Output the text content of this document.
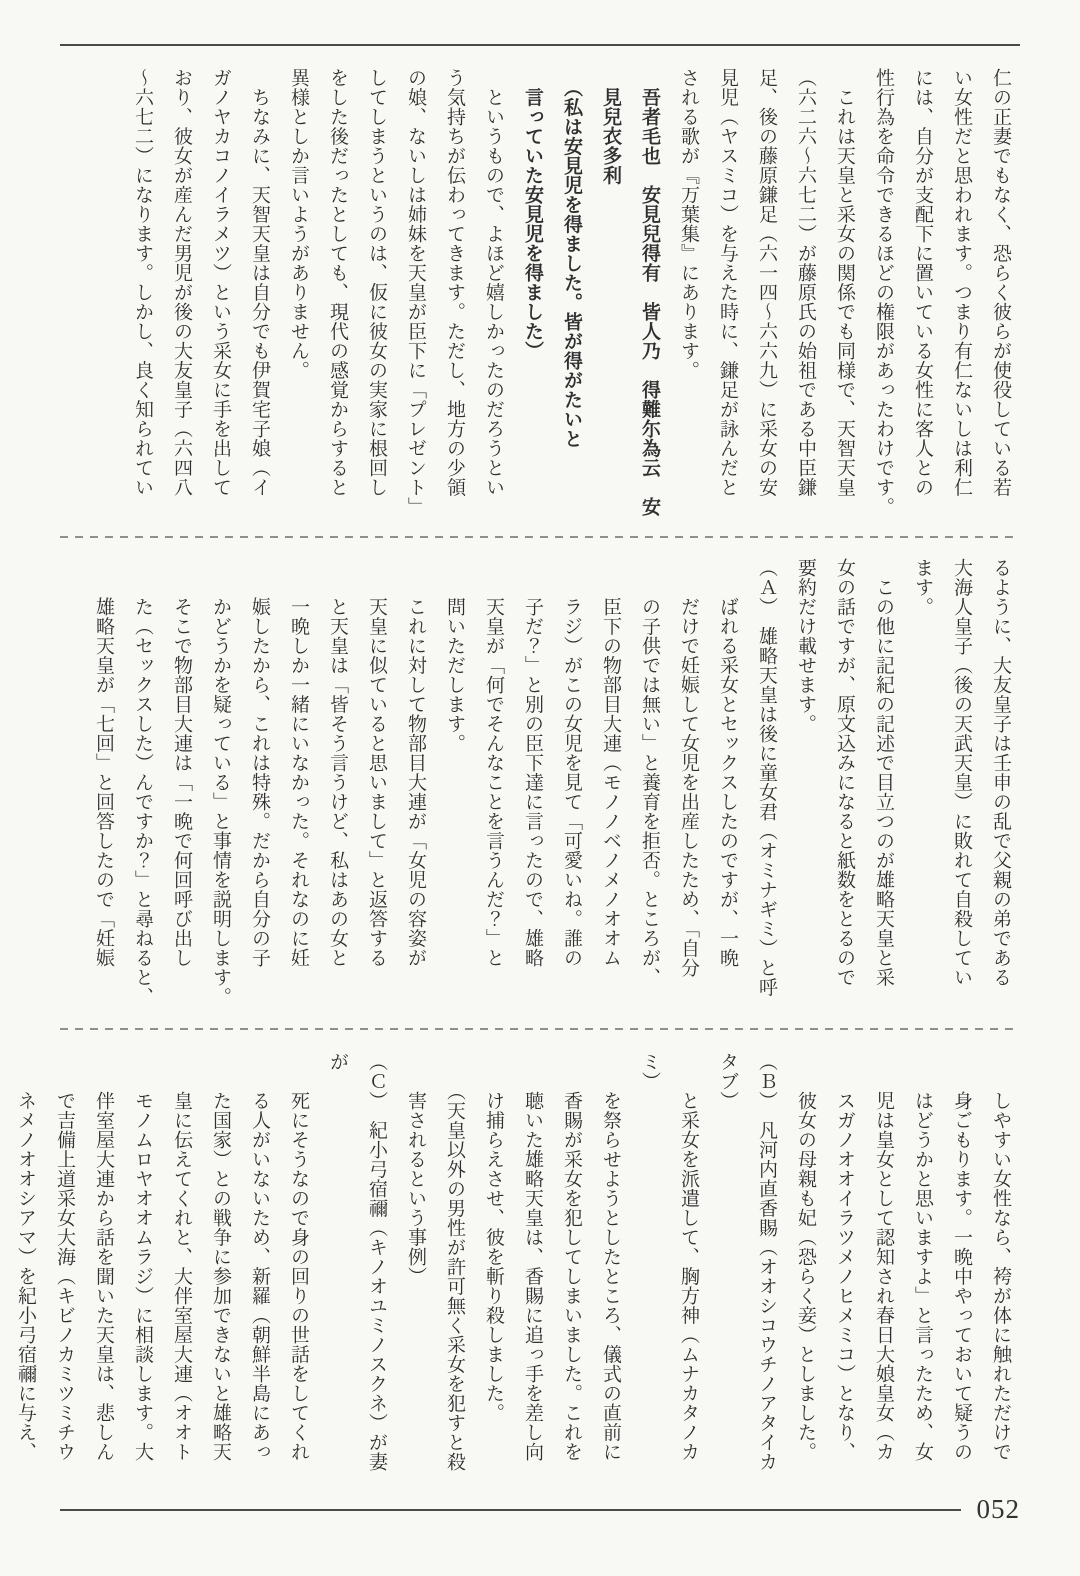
仁の正妻でもなく、恐らく彼らが使役している若
い女性だと思われます。つまり有仁ないしは利仁
には、自分が支配下に置いている女性に客人との
性行為を命令できるほどの権限があったわけです。
　これは天皇と采女の関係でも同様で、天智天皇
（六二六〜六七二）が藤原氏の始祖である中臣鎌
足、後の藤原鎌足（六一四〜六六九）に采女の安
見児（ヤスミコ）を与えた時に、鎌足が詠んだと
される歌が『万葉集』にあります。
　吾者毛也　安見兒得有　皆人乃　得難尓為云　安
　見兒衣多利
　（私は安見児を得ました。皆が得がたいと
　言っていた安見児を得ました）
　というもので、よほど嬉しかったのだろうとい
う気持ちが伝わってきます。ただし、地方の少領
の娘、ないしは姉妹を天皇が臣下に「プレゼント」
してしまうというのは、仮に彼女の実家に根回し
をした後だったとしても、現代の感覚からすると
異様としか言いようがありません。
　ちなみに、天智天皇は自分でも伊賀宅子娘（イ
ガノヤカコノイラメツ）という采女に手を出して
おり、彼女が産んだ男児が後の大友皇子（六四八
〜六七二）になります。しかし、良く知られてい
るように、大友皇子は壬申の乱で父親の弟である
大海人皇子（後の天武天皇）に敗れて自殺してい
ます。
　この他に記紀の記述で目立つのが雄略天皇と采
女の話ですが、原文込みになると紙数をとるので
要約だけ載せます。
（Ａ）　雄略天皇は後に童女君（オミナギミ）と呼
　　ばれる采女とセックスしたのですが、一晩
　　だけで妊娠して女児を出産したため、「自分
　　の子供では無い」と養育を拒否。ところが、
　　臣下の物部目大連（モノノベノメノオオム
　　ラジ）がこの女児を見て「可愛いね。誰の
　　子だ？」と別の臣下達に言ったので、雄略
　　天皇が「何でそんなことを言うんだ？」と
　　問いただします。
　　これに対して物部目大連が「女児の容姿が
　　天皇に似ていると思いまして」と返答する
　　と天皇は「皆そう言うけど、私はあの女と
　　一晩しか一緒にいなかった。それなのに妊
　　娠したから、これは特殊。だから自分の子
　　かどうかを疑っている」と事情を説明します。
　　そこで物部目大連は「一晩で何回呼び出し
　　た（セックスした）んですか？」と尋ねると、
　　雄略天皇が「七回」と回答したので「妊娠
　　しやすい女性なら、袴が体に触れただけで
　　身ごもります。一晩中やっておいて疑うの
　　はどうかと思いますよ」と言ったため、女
　　児は皇女として認知され春日大娘皇女（カ
　　スガノオオイラツメノヒメミコ）となり、
　　彼女の母親も妃（恐らく妾）としました。
（Ｂ）　凡河内直香賜（オオシコウチノアタイカタブ）
　　と采女を派遣して、胸方神（ムナカタノカミ）
　　を祭らせようとしたところ、儀式の直前に
　　香賜が采女を犯してしまいました。これを
　　聴いた雄略天皇は、香賜に追っ手を差し向
　　け捕らえさせ、彼を斬り殺しました。
　　（天皇以外の男性が許可無く采女を犯すと殺
　　害されるという事例）
（Ｃ）　紀小弓宿禰（キノオユミノスクネ）が妻が
　　死にそうなので身の回りの世話をしてくれ
　　る人がいないため、新羅（朝鮮半島にあっ
　　た国家）との戦争に参加できないと雄略天
　　皇に伝えてくれと、大伴室屋大連（オオト
　　モノムロヤオオムラジ）に相談します。大
　　伴室屋大連から話を聞いた天皇は、悲しん
　　で吉備上道采女大海（キビノカミツミチウ
　　ネメノオオシアマ）を紀小弓宿禰に与え、
052
